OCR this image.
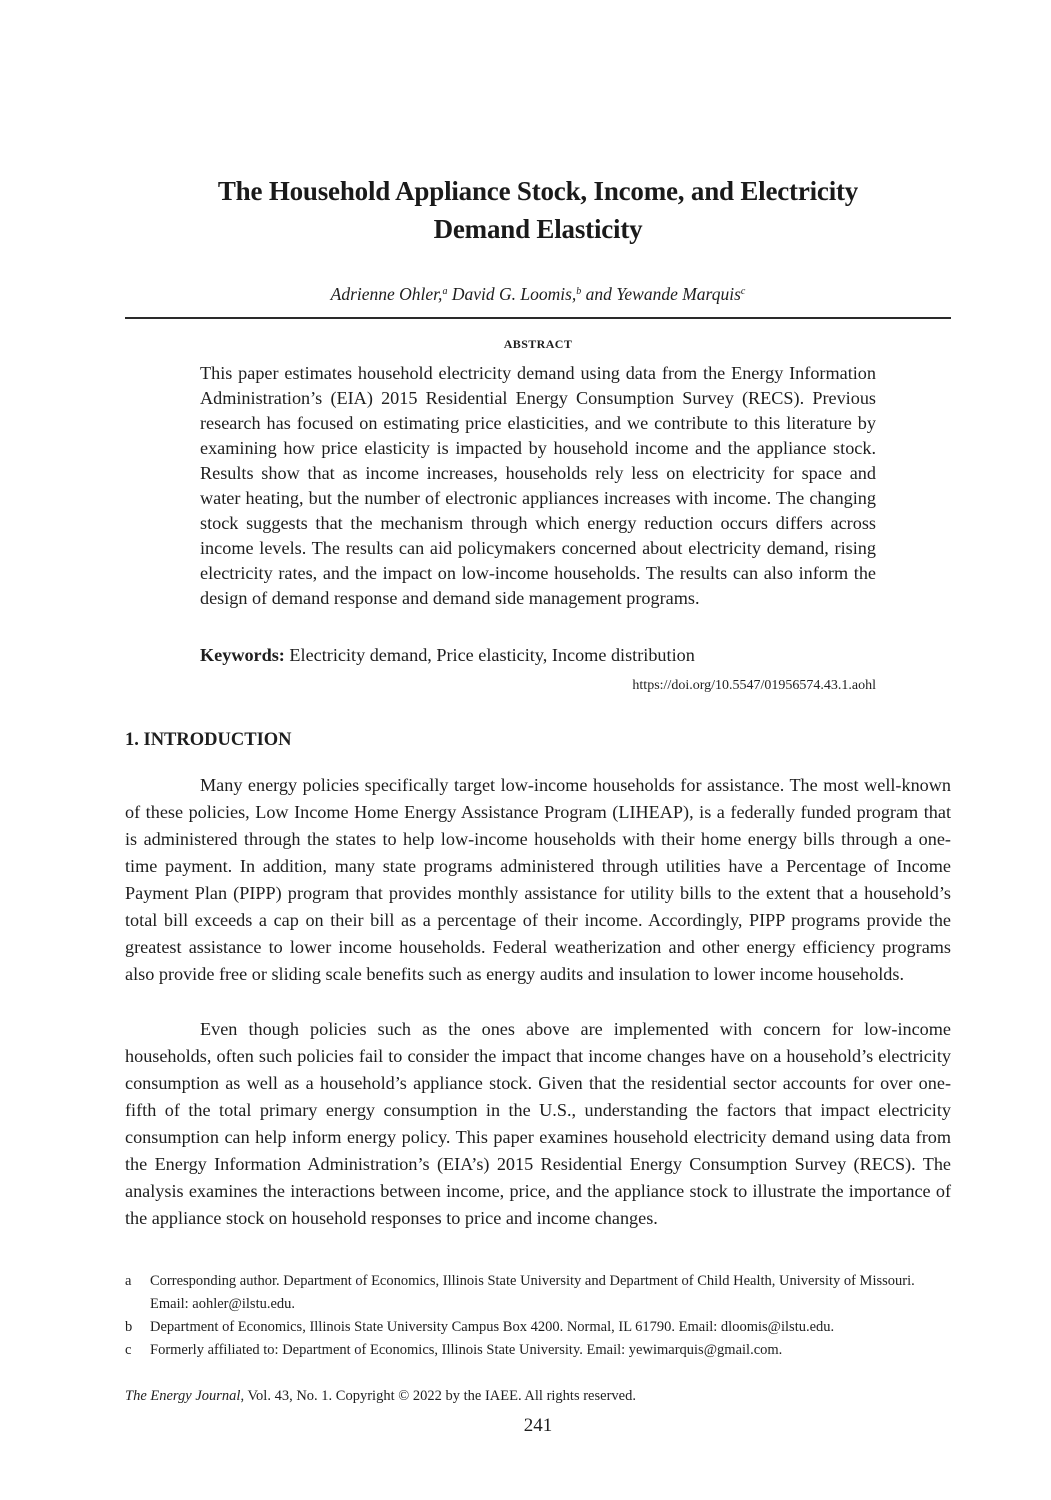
The Household Appliance Stock, Income, and Electricity
Demand Elasticity
Adrienne Ohler,$^a$ David G. Loomis,$^b$ and Yewande Marquis$^c$
ABSTRACT
This paper estimates household electricity demand using data from the Energy Information Administration’s (EIA) 2015 Residential Energy Consumption Survey (RECS). Previous research has focused on estimating price elasticities, and we contribute to this literature by examining how price elasticity is impacted by household income and the appliance stock. Results show that as income increases, households rely less on electricity for space and water heating, but the number of electronic appliances increases with income. The changing stock suggests that the mechanism through which energy reduction occurs differs across income levels. The results can aid policymakers concerned about electricity demand, rising electricity rates, and the impact on low-income households. The results can also inform the design of demand response and demand side management programs.
Keywords: Electricity demand, Price elasticity, Income distribution
https://doi.org/10.5547/01956574.43.1.aohl
1. INTRODUCTION

Many energy policies specifically target low-income households for assistance. The most well-known of these policies, Low Income Home Energy Assistance Program (LIHEAP), is a federally funded program that is administered through the states to help low-income households with their home energy bills through a one-time payment. In addition, many state programs administered through utilities have a Percentage of Income Payment Plan (PIPP) program that provides monthly assistance for utility bills to the extent that a household’s total bill exceeds a cap on their bill as a percentage of their income. Accordingly, PIPP programs provide the greatest assistance to lower income households. Federal weatherization and other energy efficiency programs also provide free or sliding scale benefits such as energy audits and insulation to lower income households.

Even though policies such as the ones above are implemented with concern for low-income households, often such policies fail to consider the impact that income changes have on a household’s electricity consumption as well as a household’s appliance stock. Given that the residential sector accounts for over one-fifth of the total primary energy consumption in the U.S., understanding the factors that impact electricity consumption can help inform energy policy. This paper examines household electricity demand using data from the Energy Information Administration’s (EIA’s) 2015 Residential Energy Consumption Survey (RECS). The analysis examines the interactions between income, price, and the appliance stock to illustrate the importance of the appliance stock on household responses to price and income changes.

a	Corresponding author. Department of Economics, Illinois State University and Department of Child Health, University of Missouri. Email: aohler@ilstu.edu.
b	Department of Economics, Illinois State University Campus Box 4200. Normal, IL 61790. Email: dloomis@ilstu.edu.
c	Formerly affiliated to: Department of Economics, Illinois State University. Email: yewimarquis@gmail.com.
The Energy Journal, Vol. 43, No. 1. Copyright © 2022 by the IAEE. All rights reserved.
241
